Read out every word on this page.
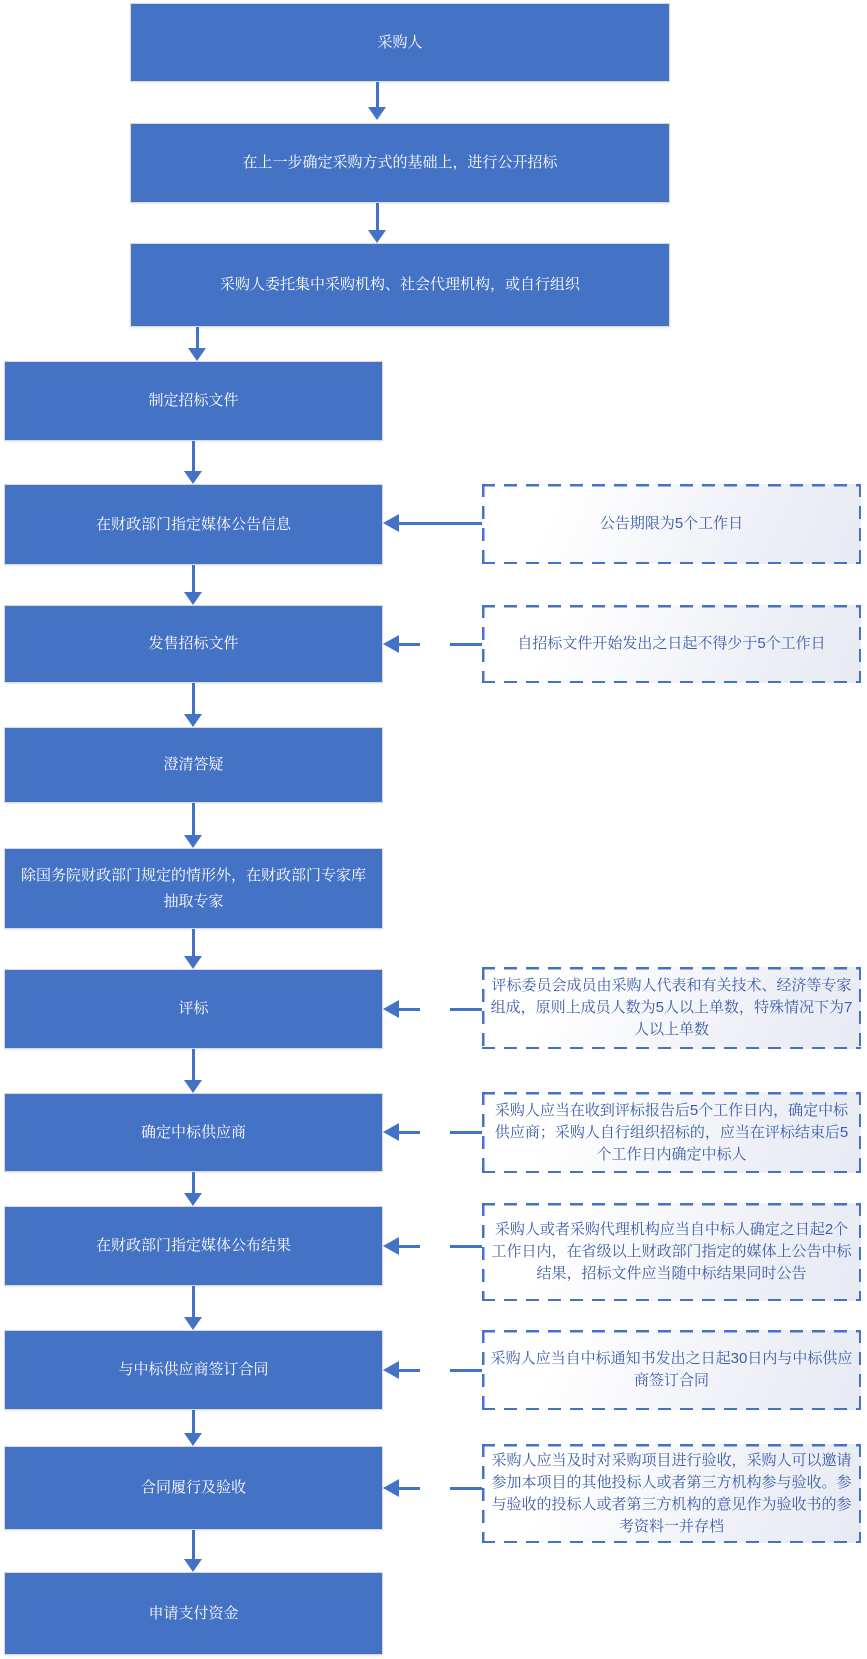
采购人
在上一步确定采购方式的基础上，进行公开招标
采购人委托集中采购机构、社会代理机构，或自行组织
制定招标文件
在财政部门指定媒体公告信息
发售招标文件
澄清答疑
除国务院财政部门规定的情形外，在财政部门专家库抽取专家
评标
确定中标供应商
在财政部门指定媒体公布结果
与中标供应商签订合同
合同履行及验收
申请支付资金
公告期限为5个工作日
自招标文件开始发出之日起不得少于5个工作日
评标委员会成员由采购人代表和有关技术、经济等专家组成，原则上成员人数为5人以上单数，特殊情况下为7人以上单数
采购人应当在收到评标报告后5个工作日内，确定中标供应商；采购人自行组织招标的，应当在评标结束后5个工作日内确定中标人
采购人或者采购代理机构应当自中标人确定之日起2个工作日内，在省级以上财政部门指定的媒体上公告中标结果，招标文件应当随中标结果同时公告
采购人应当自中标通知书发出之日起30日内与中标供应商签订合同
采购人应当及时对采购项目进行验收，采购人可以邀请参加本项目的其他投标人或者第三方机构参与验收。参与验收的投标人或者第三方机构的意见作为验收书的参考资料一并存档
